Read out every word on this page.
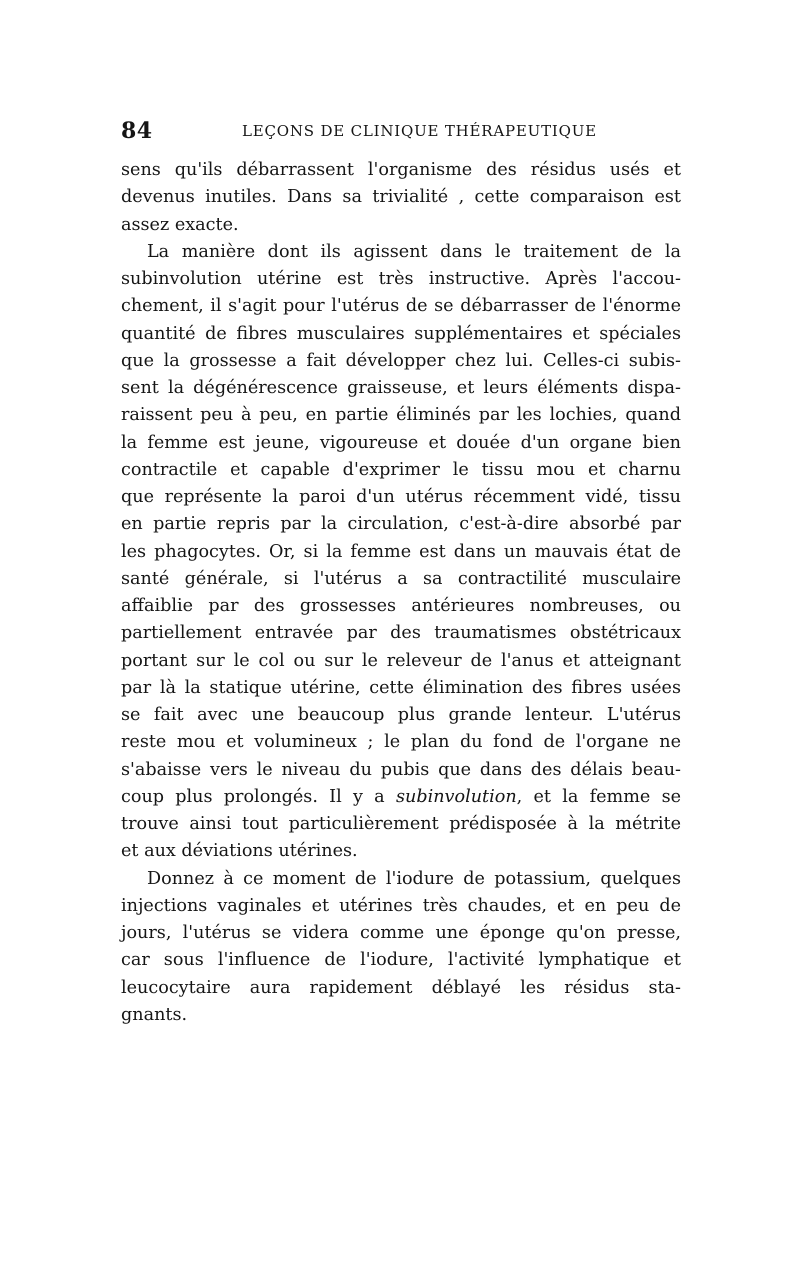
84	LEÇONS DE CLINIQUE THÉRAPEUTIQUE
sens qu'ils débarrassent l'organisme des résidus usés et
devenus inutiles. Dans sa trivialité , cette comparaison est
assez exacte.
La manière dont ils agissent dans le traitement de la
subinvolution utérine est très instructive. Après l'accou-
chement, il s'agit pour l'utérus de se débarrasser de l'énorme
quantité de fibres musculaires supplémentaires et spéciales
que la grossesse a fait développer chez lui. Celles-ci subis-
sent la dégénérescence graisseuse, et leurs éléments dispa-
raissent peu à peu, en partie éliminés par les lochies, quand
la femme est jeune, vigoureuse et douée d'un organe bien
contractile et capable d'exprimer le tissu mou et charnu
que représente la paroi d'un utérus récemment vidé, tissu
en partie repris par la circulation, c'est-à-dire absorbé par
les phagocytes. Or, si la femme est dans un mauvais état de
santé générale, si l'utérus a sa contractilité musculaire
affaiblie par des grossesses antérieures nombreuses, ou
partiellement entravée par des traumatismes obstétricaux
portant sur le col ou sur le releveur de l'anus et atteignant
par là la statique utérine, cette élimination des fibres usées
se fait avec une beaucoup plus grande lenteur. L'utérus
reste mou et volumineux ; le plan du fond de l'organe ne
s'abaisse vers le niveau du pubis que dans des délais beau-
coup plus prolongés. Il y a subinvolution, et la femme se
trouve ainsi tout particulièrement prédisposée à la métrite
et aux déviations utérines.
Donnez à ce moment de l'iodure de potassium, quelques
injections vaginales et utérines très chaudes, et en peu de
jours, l'utérus se videra comme une éponge qu'on presse,
car sous l'influence de l'iodure, l'activité lymphatique et
leucocytaire aura rapidement déblayé les résidus sta-
gnants.
